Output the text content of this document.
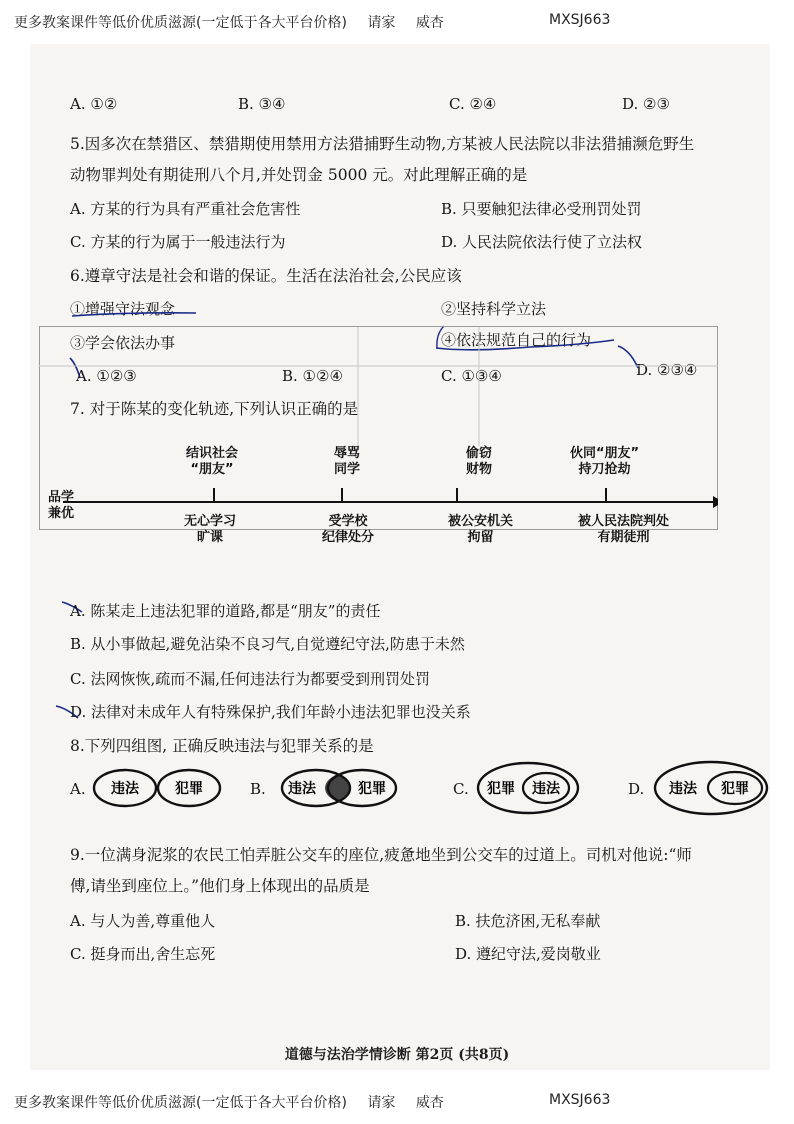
更多教案课件等低价优质滋源(一定低于各大平台价格) 请家 威杏	MXSJ663
A. ①②	B. ③④	C. ②④	D. ②③
5.因多次在禁猎区、禁猎期使用禁用方法猎捕野生动物,方某被人民法院以非法猎捕濒危野生
动物罪判处有期徒刑八个月,并处罚金 5000 元。对此理解正确的是
A. 方某的行为具有严重社会危害性	B. 只要触犯法律必受刑罚处罚
C. 方某的行为属于一般违法行为	D. 人民法院依法行使了立法权
6.遵章守法是社会和谐的保证。生活在法治社会,公民应该
①增强守法观念	②坚持科学立法
③学会依法办事	④依法规范自己的行为
A. ①②③	B. ①②④	C. ①③④	D. ②③④
7. 对于陈某的变化轨迹,下列认识正确的是
品学
兼优
结识社会
“朋友”
辱骂
同学
偷窃
财物
伙同“朋友”
持刀抢劫
无心学习
旷课
受学校
纪律处分
被公安机关
拘留
被人民法院判处
有期徒刑
A. 陈某走上违法犯罪的道路,都是“朋友”的责任
B. 从小事做起,避免沾染不良习气,自觉遵纪守法,防患于未然
C. 法网恢恢,疏而不漏,任何违法行为都要受到刑罚处罚
D. 法律对未成年人有特殊保护,我们年龄小违法犯罪也没关系
8.下列四组图, 正确反映违法与犯罪关系的是
A.	B.	C.	D.
违法	犯罪	违法	犯罪	犯罪 违法	违法 犯罪
9.一位满身泥浆的农民工怕弄脏公交车的座位,疲惫地坐到公交车的过道上。司机对他说:“师
傅,请坐到座位上。”他们身上体现出的品质是
A. 与人为善,尊重他人	B. 扶危济困,无私奉献
C. 挺身而出,舍生忘死	D. 遵纪守法,爱岗敬业
道德与法治学情诊断 第2页 (共8页)
更多教案课件等低价优质滋源(一定低于各大平台价格) 请家 威杏	MXSJ663
